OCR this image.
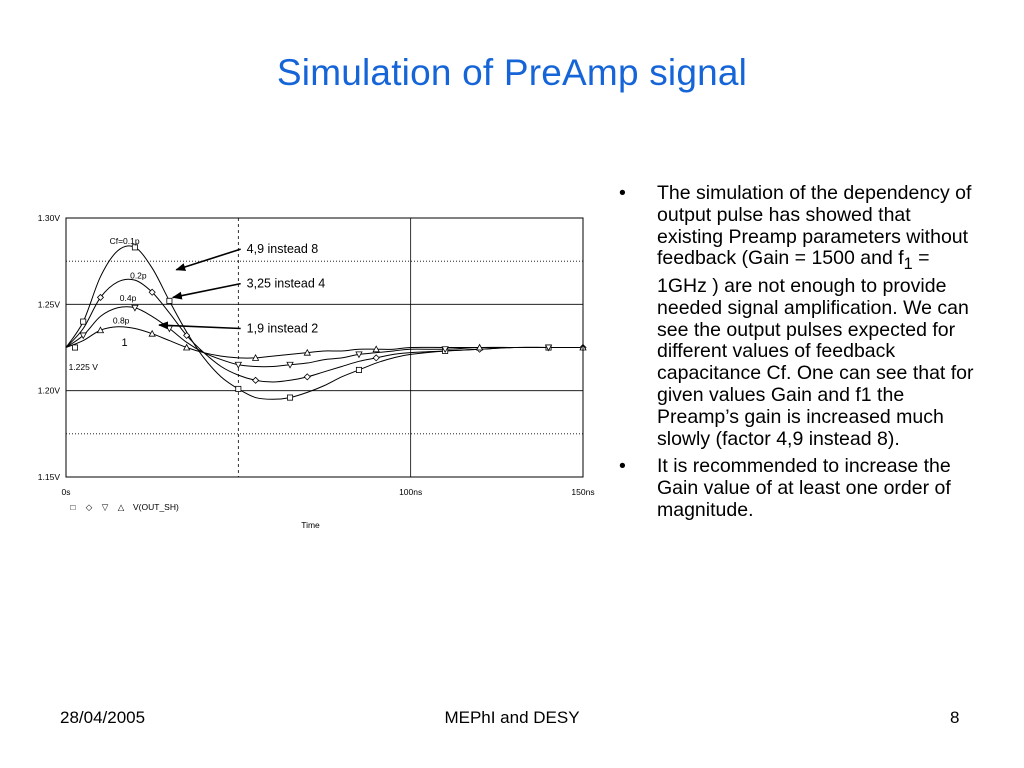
Simulation of PreAmp signal
Cf=0.1p
0.2p
0.4p
0.8p
1
1.225 V
4,9 instead 8
3,25 instead 4
1,9 instead 2
1.15V
1.20V
1.25V
1.30V
0s	100ns	150ns
Time
□ ◇ ▽ △ V(OUT_SH)
• The simulation of the dependency of output pulse has showed that existing Preamp parameters without feedback (Gain = 1500 and $f_1 = 1GHz$ ) are not enough to provide needed signal amplification. We can see the output pulses expected for different values of feedback capacitance Cf. One can see that for given values Gain and f1 the Preamp’s gain is increased much slowly (factor 4,9 instead 8).
• It is recommended to increase the Gain value of at least one order of magnitude.
28/04/2005	MEPhI and DESY	8
